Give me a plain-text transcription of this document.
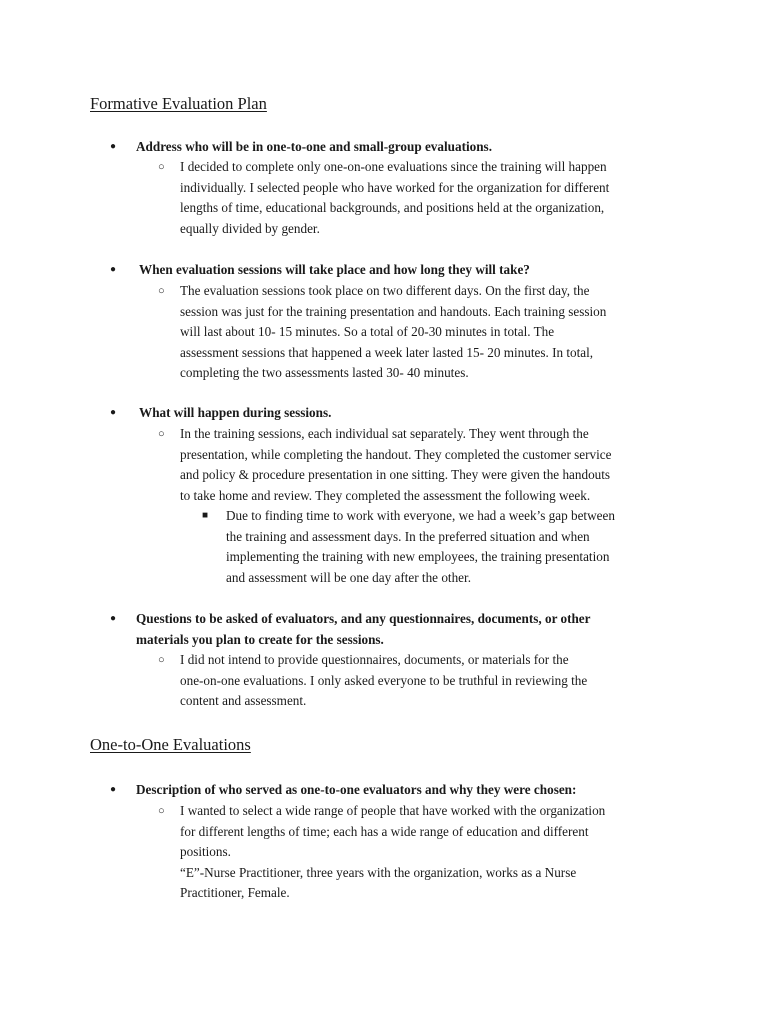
Formative Evaluation Plan
●	Address who will be in one-to-one and small-group evaluations.
○	I decided to complete only one-on-one evaluations since the training will happen
individually. I selected people who have worked for the organization for different
lengths of time, educational backgrounds, and positions held at the organization,
equally divided by gender.
●	When evaluation sessions will take place and how long they will take?
○	The evaluation sessions took place on two different days. On the first day, the
session was just for the training presentation and handouts. Each training session
will last about 10- 15 minutes. So a total of 20-30 minutes in total. The
assessment sessions that happened a week later lasted 15- 20 minutes. In total,
completing the two assessments lasted 30- 40 minutes.
●	What will happen during sessions.
○	In the training sessions, each individual sat separately. They went through the
presentation, while completing the handout. They completed the customer service
and policy & procedure presentation in one sitting. They were given the handouts
to take home and review. They completed the assessment the following week.
■	Due to finding time to work with everyone, we had a week’s gap between
the training and assessment days. In the preferred situation and when
implementing the training with new employees, the training presentation
and assessment will be one day after the other.
●	Questions to be asked of evaluators, and any questionnaires, documents, or other
materials you plan to create for the sessions.
○	I did not intend to provide questionnaires, documents, or materials for the
one-on-one evaluations. I only asked everyone to be truthful in reviewing the
content and assessment.
One-to-One Evaluations
●	Description of who served as one-to-one evaluators and why they were chosen:
○	I wanted to select a wide range of people that have worked with the organization
for different lengths of time; each has a wide range of education and different
positions.
“E”-Nurse Practitioner, three years with the organization, works as a Nurse
Practitioner, Female.
